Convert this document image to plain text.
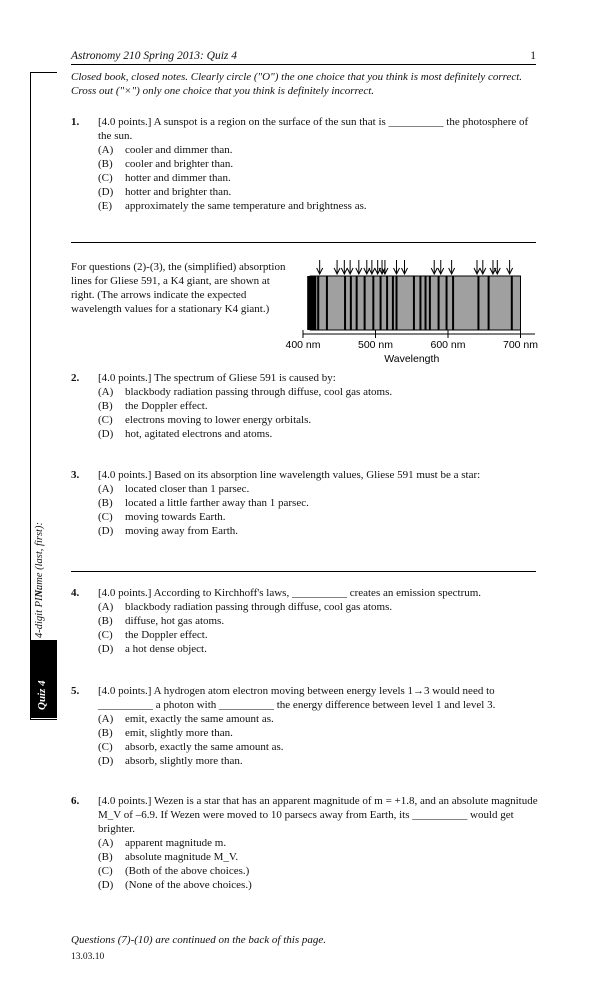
Astronomy 210 Spring 2013: Quiz 4	1
Name (last, first):
4-digit PIN:
Quiz 4
Closed book, closed notes. Clearly circle ("O") the one choice that you think is most definitely correct. Cross out ("×") only one choice that you think is definitely incorrect.
1. [4.0 points.] A sunspot is a region on the surface of the sun that is __________ the photosphere of the sun.
(A)	cooler and dimmer than.
(B)	cooler and brighter than.
(C)	hotter and dimmer than.
(D)	hotter and brighter than.
(E)	approximately the same temperature and brightness as.
For questions (2)-(3), the (simplified) absorption lines for Gliese 591, a K4 giant, are shown at right. (The arrows indicate the expected wavelength values for a stationary K4 giant.)
400 nm	500 nm	600 nm	700 nm
Wavelength
2. [4.0 points.] The spectrum of Gliese 591 is caused by:
(A)	blackbody radiation passing through diffuse, cool gas atoms.
(B)	the Doppler effect.
(C)	electrons moving to lower energy orbitals.
(D)	hot, agitated electrons and atoms.
3. [4.0 points.] Based on its absorption line wavelength values, Gliese 591 must be a star:
(A)	located closer than 1 parsec.
(B)	located a little farther away than 1 parsec.
(C)	moving towards Earth.
(D)	moving away from Earth.
4. [4.0 points.] According to Kirchhoff's laws, __________ creates an emission spectrum.
(A)	blackbody radiation passing through diffuse, cool gas atoms.
(B)	diffuse, hot gas atoms.
(C)	the Doppler effect.
(D)	a hot dense object.
5. [4.0 points.] A hydrogen atom electron moving between energy levels 1→3 would need to __________ a photon with __________ the energy difference between level 1 and level 3.
(A)	emit, exactly the same amount as.
(B)	emit, slightly more than.
(C)	absorb, exactly the same amount as.
(D)	absorb, slightly more than.
6. [4.0 points.] Wezen is a star that has an apparent magnitude of m = +1.8, and an absolute magnitude M_V of –6.9. If Wezen were moved to 10 parsecs away from Earth, its __________ would get brighter.
(A)	apparent magnitude m.
(B)	absolute magnitude M_V.
(C)	(Both of the above choices.)
(D)	(None of the above choices.)
Questions (7)-(10) are continued on the back of this page.
13.03.10
